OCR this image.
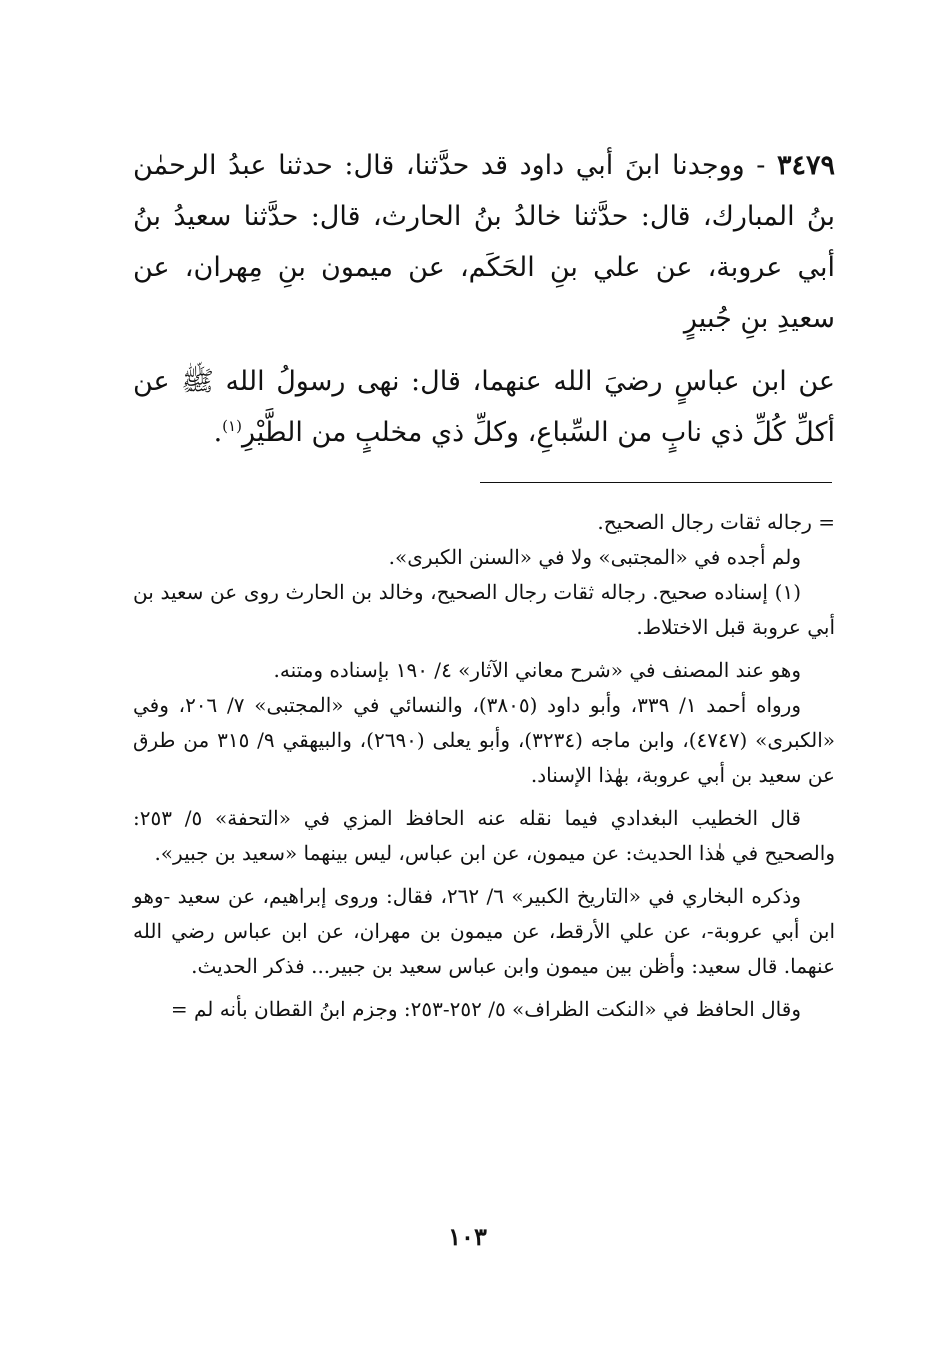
٣٤٧٩ - ووجدنا ابنَ أبي داود قد حدَّثنا، قال: حدثنا عبدُ الرحمٰن بنُ المبارك، قال: حدَّثنا خالدُ بنُ الحارث، قال: حدَّثنا سعيدُ بنُ أبي عروبة، عن علي بنِ الحَكَم، عن ميمون بنِ مِهران، عن سعيدِ بنِ جُبيرٍ

عن ابن عباسٍ رضيَ الله عنهما، قال: نهى رسولُ الله ﷺ عن أكلِّ كُلِّ ذي نابٍ من السِّباعِ، وكلِّ ذي مخلبٍ من الطَّيْرِ$^{(١)}$.

= رجاله ثقات رجال الصحيح.

ولم أجده في «المجتبى» ولا في «السنن الكبرى».

(١) إسناده صحيح. رجاله ثقات رجال الصحيح، وخالد بن الحارث روى عن سعيد بن أبي عروبة قبل الاختلاط.

وهو عند المصنف في «شرح معاني الآثار» ٤/ ١٩٠ بإسناده ومتنه.

ورواه أحمد ١/ ٣٣٩، وأبو داود (٣٨٠٥)، والنسائي في «المجتبى» ٧/ ٢٠٦، وفي «الكبرى» (٤٧٤٧)، وابن ماجه (٣٢٣٤)، وأبو يعلى (٢٦٩٠)، والبيهقي ٩/ ٣١٥ من طرق عن سعيد بن أبي عروبة، بهٰذا الإسناد.

قال الخطيب البغدادي فيما نقله عنه الحافظ المزي في «التحفة» ٥/ ٢٥٣: والصحيح في هٰذا الحديث: عن ميمون، عن ابن عباس، ليس بينهما «سعيد بن جبير».

وذكره البخاري في «التاريخ الكبير» ٦/ ٢٦٢، فقال: وروى إبراهيم، عن سعيد -وهو ابن أبي عروبة-، عن علي الأرقط، عن ميمون بن مهران، عن ابن عباس رضي الله عنهما. قال سعيد: وأظن بين ميمون وابن عباس سعيد بن جبير... فذكر الحديث.

وقال الحافظ في «النكت الظراف» ٥/ ٢٥٢-٢٥٣: وجزم ابنُ القطان بأنه لم =

١٠٣
